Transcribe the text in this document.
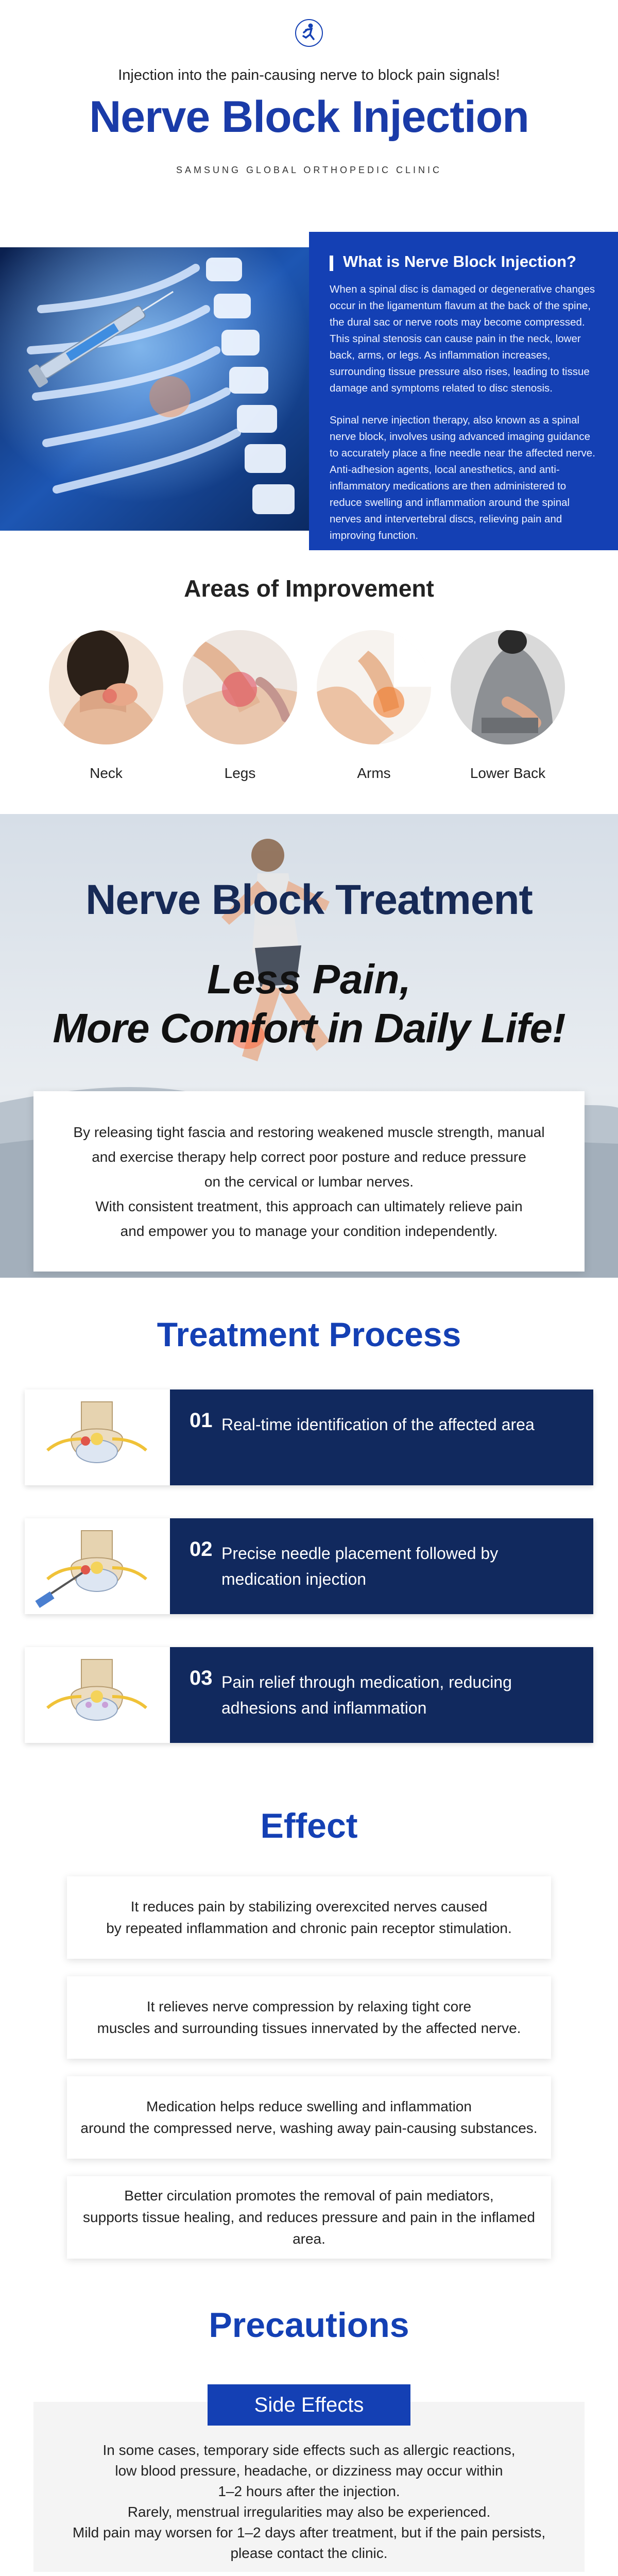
Injection into the pain-causing nerve to block pain signals!
Nerve Block Injection
SAMSUNG GLOBAL ORTHOPEDIC CLINIC
What is Nerve Block Injection?
When a spinal disc is damaged or degenerative changes occur in the ligamentum flavum at the back of the spine, the dural sac or nerve roots may become compressed. This spinal stenosis can cause pain in the neck, lower back, arms, or legs. As inflammation increases, surrounding tissue pressure also rises, leading to tissue damage and symptoms related to disc stenosis.
Spinal nerve injection therapy, also known as a spinal nerve block, involves using advanced imaging guidance to accurately place a fine needle near the affected nerve. Anti-adhesion agents, local anesthetics, and anti-inflammatory medications are then administered to reduce swelling and inflammation around the spinal nerves and intervertebral discs, relieving pain and improving function.
Areas of Improvement
Neck	Legs	Arms	Lower Back
Nerve Block Treatment
Less Pain,
More Comfort in Daily Life!
By releasing tight fascia and restoring weakened muscle strength, manual
and exercise therapy help correct poor posture and reduce pressure
on the cervical or lumbar nerves.
With consistent treatment, this approach can ultimately relieve pain
and empower you to manage your condition independently.
Treatment Process
01 Real-time identification of the affected area
02 Precise needle placement followed by medication injection
03 Pain relief through medication, reducing adhesions and inflammation
Effect
It reduces pain by stabilizing overexcited nerves caused
by repeated inflammation and chronic pain receptor stimulation.
It relieves nerve compression by relaxing tight core
muscles and surrounding tissues innervated by the affected nerve.
Medication helps reduce swelling and inflammation
around the compressed nerve, washing away pain-causing substances.
Better circulation promotes the removal of pain mediators,
supports tissue healing, and reduces pressure and pain in the inflamed area.
Precautions
In some cases, temporary side effects such as allergic reactions,
low blood pressure, headache, or dizziness may occur within
1–2 hours after the injection.
Rarely, menstrual irregularities may also be experienced.
Mild pain may worsen for 1–2 days after treatment, but if the pain persists,
please contact the clinic.
Side Effects
